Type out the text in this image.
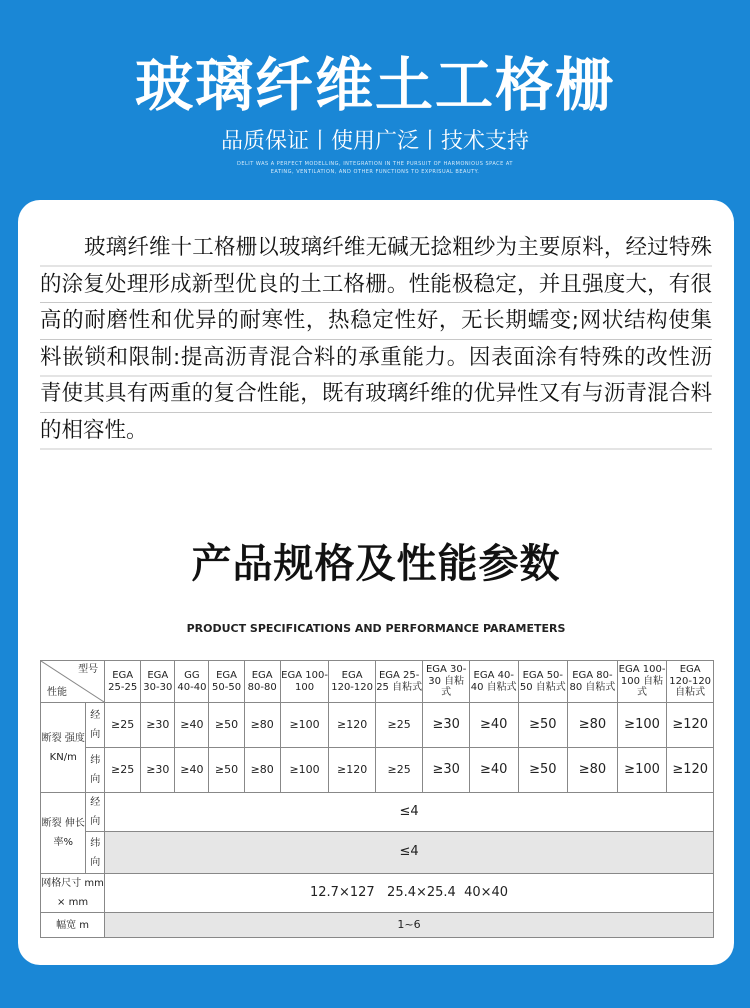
玻璃纤维土工格栅
品质保证丨使用广泛丨技术支持
DELIT WAS A PERFECT MODELLING, INTEGRATION IN THE PURSUIT OF HARMONIOUS SPACE AT
EATING, VENTILATION, AND OTHER FUNCTIONS TO EXPRISUAL BEAUTY.
玻璃纤维十工格栅以玻璃纤维无碱无捻粗纱为主要原料，经过特殊的涂复处理形成新型优良的土工格栅。性能极稳定，并且强度大，有很高的耐磨性和优异的耐寒性，热稳定性好，无长期蠕变;网状结构使集料嵌锁和限制:提高沥青混合料的承重能力。因表面涂有特殊的改性沥青使其具有两重的复合性能，既有玻璃纤维的优异性又有与沥青混合料的相容性。
产品规格及性能参数
PRODUCT SPECIFICATIONS AND PERFORMANCE PARAMETERS
型号
性能		EGA 25-25	EGA 30-30	GG 40-40	EGA 50-50	EGA 80-80	EGA 100-100	EGA 120-120	EGA 25-25 自粘式	EGA 30-30 自粘式	EGA 40-40 自粘式	EGA 50-50 自粘式	EGA 80-80 自粘式	EGA 100-100 自粘式	EGA 120-120 自粘式
断裂 强度 KN/m	经 向	≥25	≥30	≥40	≥50	≥80	≥100	≥120	≥25	≥30	≥40	≥50	≥80	≥100	≥120
	纬 向	≥25	≥30	≥40	≥50	≥80	≥100	≥120	≥25	≥30	≥40	≥50	≥80	≥100	≥120
断裂 伸长 率%	经 向	≤4													
	纬 向	≤4													
网格尺寸 mm × mm		12.7×127   25.4×25.4  40×40													
幅宽 m		1~6													
